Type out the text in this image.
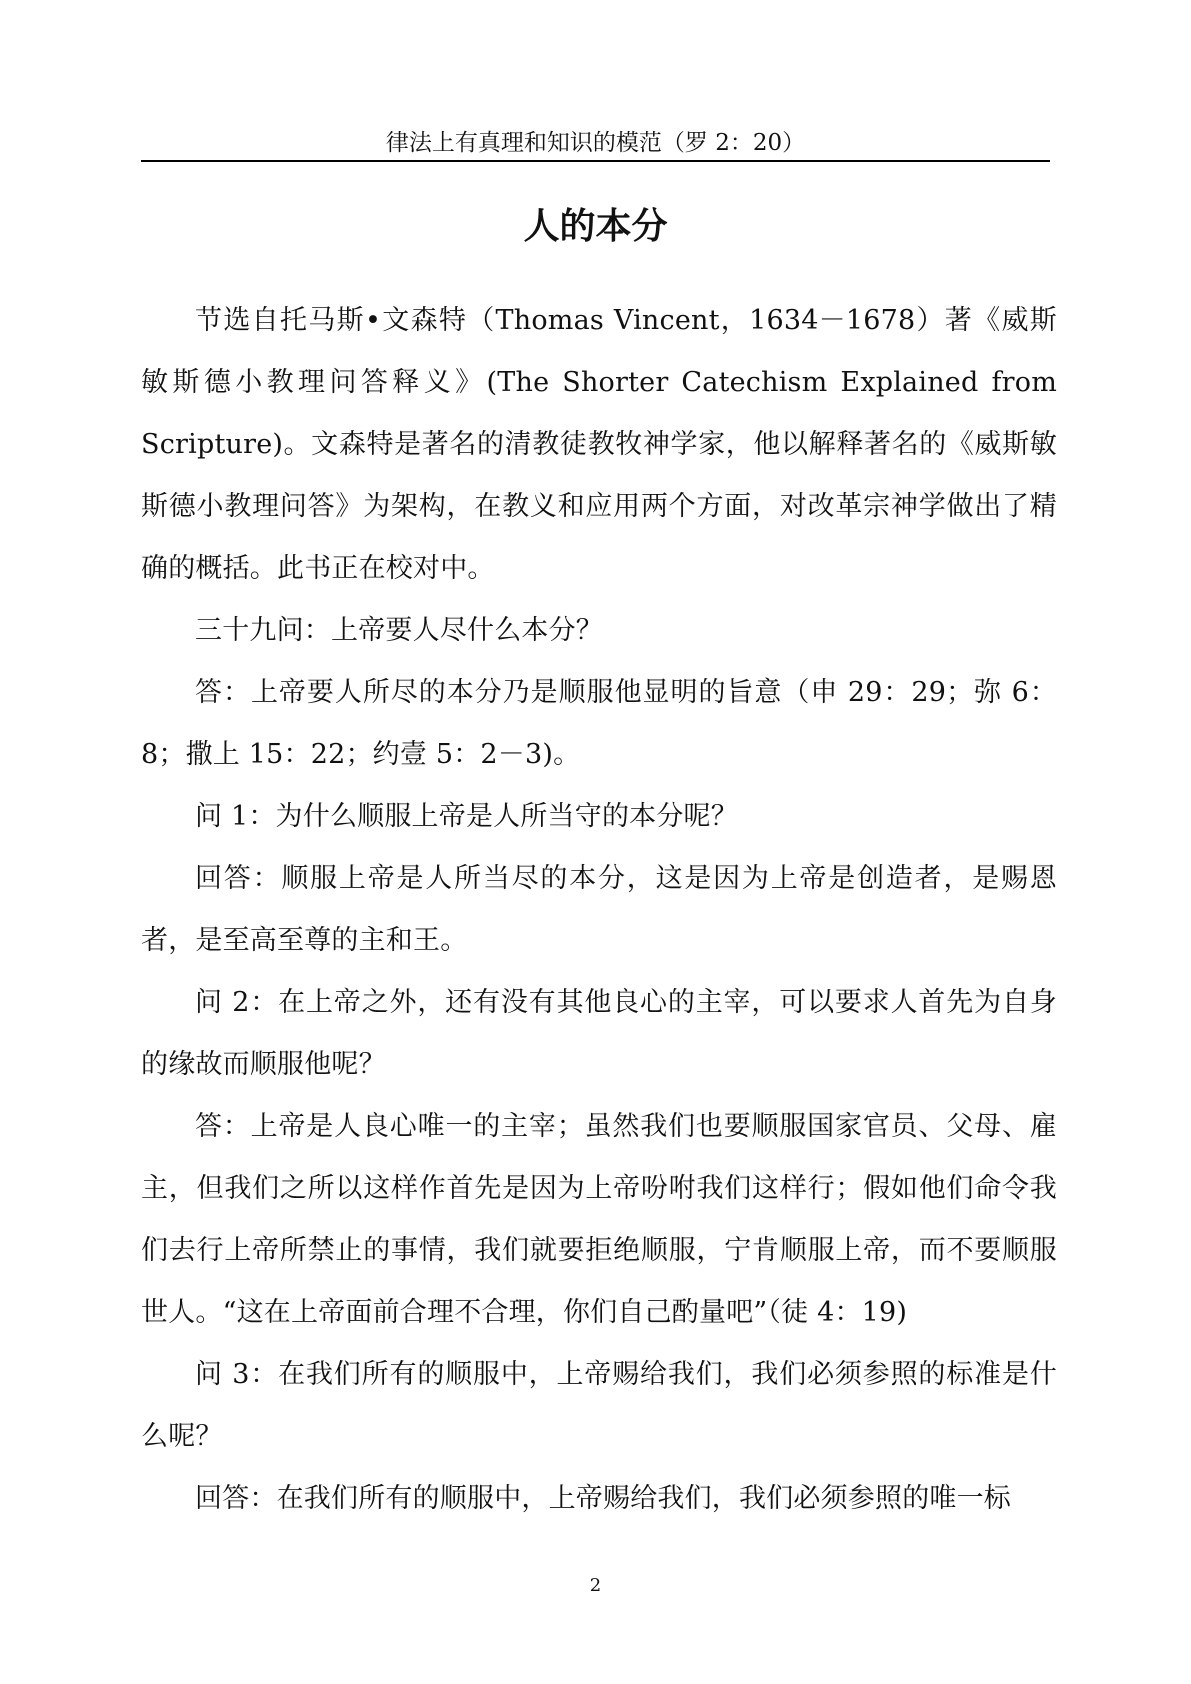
律法上有真理和知识的模范（罗 2：20）
人的本分

节选自托马斯•文森特（Thomas Vincent，1634－1678）著《威斯敏斯德小教理问答释义》(The Shorter Catechism Explained from Scripture)。文森特是著名的清教徒教牧神学家，他以解释著名的《威斯敏斯德小教理问答》为架构，在教义和应用两个方面，对改革宗神学做出了精确的概括。此书正在校对中。

三十九问：上帝要人尽什么本分？

答：上帝要人所尽的本分乃是顺服他显明的旨意（申 29：29；弥 6：8；撒上 15：22；约壹 5：2－3)。

问 1：为什么顺服上帝是人所当守的本分呢？

回答：顺服上帝是人所当尽的本分，这是因为上帝是创造者，是赐恩者，是至高至尊的主和王。

问 2：在上帝之外，还有没有其他良心的主宰，可以要求人首先为自身的缘故而顺服他呢？

答：上帝是人良心唯一的主宰；虽然我们也要顺服国家官员、父母、雇主，但我们之所以这样作首先是因为上帝吩咐我们这样行；假如他们命令我们去行上帝所禁止的事情，我们就要拒绝顺服，宁肯顺服上帝，而不要顺服世人。“这在上帝面前合理不合理，你们自己酌量吧”（徒 4：19)

问 3：在我们所有的顺服中，上帝赐给我们，我们必须参照的标准是什么呢？

回答：在我们所有的顺服中，上帝赐给我们，我们必须参照的唯一标

2
